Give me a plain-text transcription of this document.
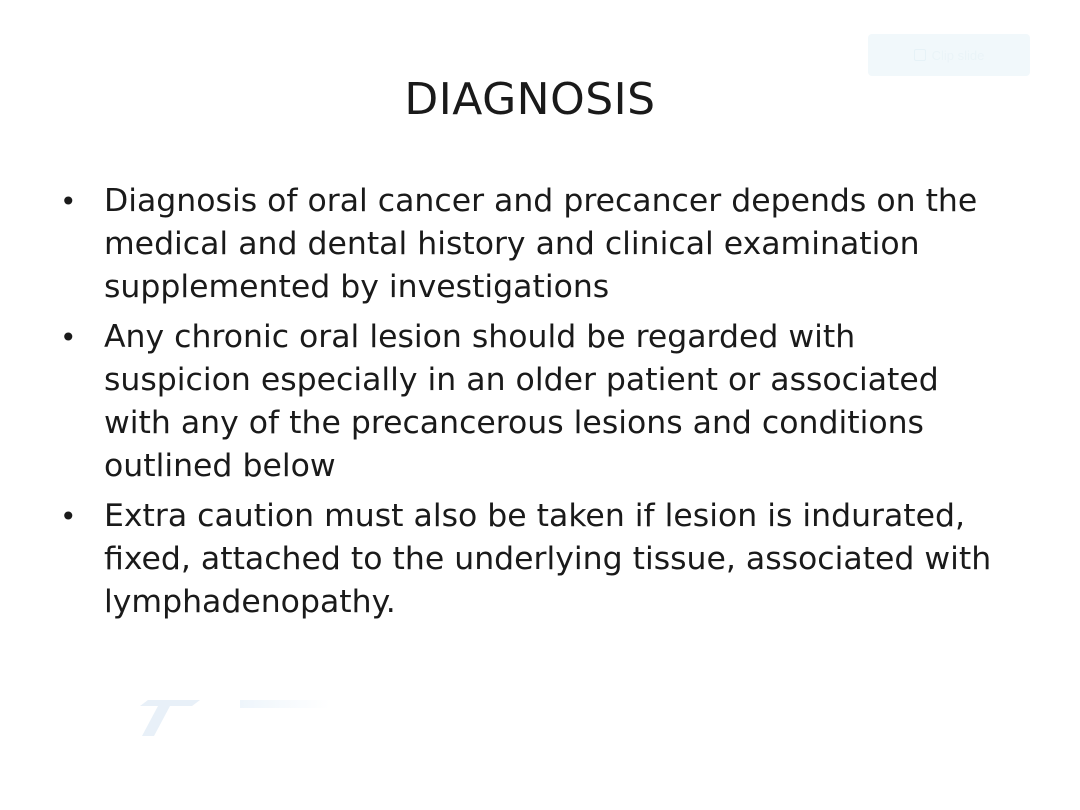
Clip slide
DIAGNOSIS
• Diagnosis of oral cancer and precancer depends on the medical and dental history and clinical examination supplemented by investigations
• Any chronic oral lesion should be regarded with suspicion especially in an older patient or associated with any of the precancerous lesions and conditions outlined below
• Extra caution must also be taken if lesion is indurated, fixed, attached to the underlying tissue, associated with lymphadenopathy.
